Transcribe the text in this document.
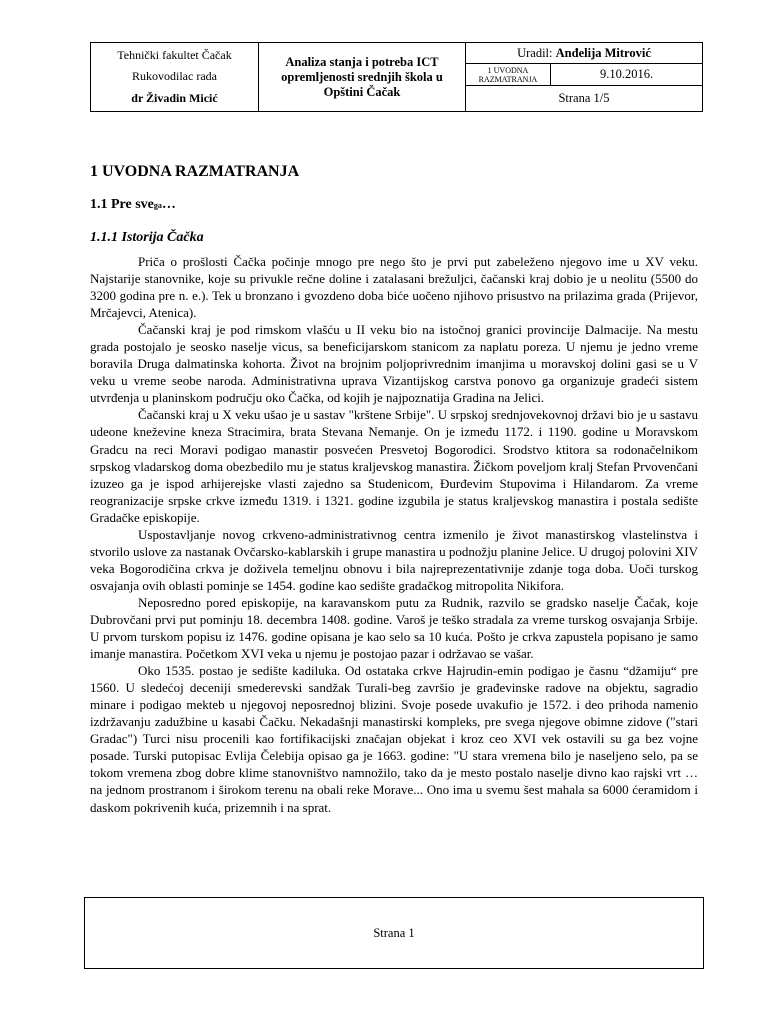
Tehnički fakultet Čačak
Rukovodilac rada
dr Živadin Micić
Analiza stanja i potreba ICT opremljenosti srednjih škola u Opštini Čačak
Uradil:
Anđelija Mitrović
1 UVODNA RAZMATRANJA	9.10.2016.
Strana 1/5
1 UVODNA RAZMATRANJA
1.1 Pre svega…
1.1.1 Istorija Čačka

Priča o prošlosti Čačka počinje mnogo pre nego što je prvi put zabeleženo njegovo ime u XV veku. Najstarije stanovnike, koje su privukle rečne doline i zatalasani brežuljci, čačanski kraj dobio je u neolitu (5500 do 3200 godina pre n. e.). Tek u bronzano i gvozdeno doba biće uočeno njihovo prisustvo na prilazima grada (Prijevor, Mrčajevci, Atenica).

Čačanski kraj je pod rimskom vlašću u II veku bio na istočnoj granici provincije Dalmacije. Na mestu grada postojalo je seosko naselje vicus, sa beneficijarskom stanicom za naplatu poreza. U njemu je jedno vreme boravila Druga dalmatinska kohorta. Život na brojnim poljoprivrednim imanjima u moravskoj dolini gasi se u V veku u vreme seobe naroda. Administrativna uprava Vizantijskog carstva ponovo ga organizuje gradeći sistem utvrđenja u planinskom području oko Čačka, od kojih je najpoznatija Gradina na Jelici.

Čačanski kraj u X veku ušao je u sastav "krštene Srbije". U srpskoj srednjovekovnoj državi bio je u sastavu udeone kneževine kneza Stracimira, brata Stevana Nemanje. On je između 1172. i 1190. godine u Moravskom Gradcu na reci Moravi podigao manastir posvećen Presvetoj Bogorodici. Srodstvo ktitora sa rodonačelnikom srpskog vladarskog doma obezbedilo mu je status kraljevskog manastira. Žičkom poveljom kralj Stefan Prvovenčani izuzeo ga je ispod arhijerejske vlasti zajedno sa Studenicom, Đurđevim Stupovima i Hilandarom. Za vreme reogranizacije srpske crkve između 1319. i 1321. godine izgubila je status kraljevskog manastira i postala sedište Gradačke episkopije.

Uspostavljanje novog crkveno-administrativnog centra izmenilo je život manastirskog vlastelinstva i stvorilo uslove za nastanak Ovčarsko-kablarskih i grupe manastira u podnožju planine Jelice. U drugoj polovini XIV veka Bogorodičina crkva je doživela temeljnu obnovu i bila najreprezentativnije zdanje toga doba. Uoči turskog osvajanja ovih oblasti pominje se 1454. godine kao sedište gradačkog mitropolita Nikifora.

Neposredno pored episkopije, na karavanskom putu za Rudnik, razvilo se gradsko naselje Čačak, koje Dubrovčani prvi put pominju 18. decembra 1408. godine. Varoš je teško stradala za vreme turskog osvajanja Srbije. U prvom turskom popisu iz 1476. godine opisana je kao selo sa 10 kuća. Pošto je crkva zapustela popisano je samo imanje manastira. Početkom XVI veka u njemu je postojao pazar i održavao se vašar.

Oko 1535. postao je sedište kadiluka. Od ostataka crkve Hajrudin-emin podigao je časnu “džamiju“ pre 1560. U sledećoj deceniji smederevski sandžak Turali-beg završio je građevinske radove na objektu, sagradio minare i podigao mekteb u njegovoj neposrednoj blizini. Svoje posede uvakufio je 1572. i deo prihoda namenio izdržavanju zadužbine u kasabi Čačku. Nekadašnji manastirski kompleks, pre svega njegove obimne zidove ("stari Gradac") Turci nisu procenili kao fortifikacijski značajan objekat i kroz ceo XVI vek ostavili su ga bez vojne posade. Turski putopisac Evlija Čelebija opisao ga je 1663. godine: "U stara vremena bilo je naseljeno selo, pa se tokom vremena zbog dobre klime stanovništvo namnožilo, tako da je mesto postalo naselje divno kao rajski vrt … na jednom prostranom i širokom terenu na obali reke Morave... Ono ima u svemu šest mahala sa 6000 ćeramidom i daskom pokrivenih kuća, prizemnih i na sprat.

Strana 1
